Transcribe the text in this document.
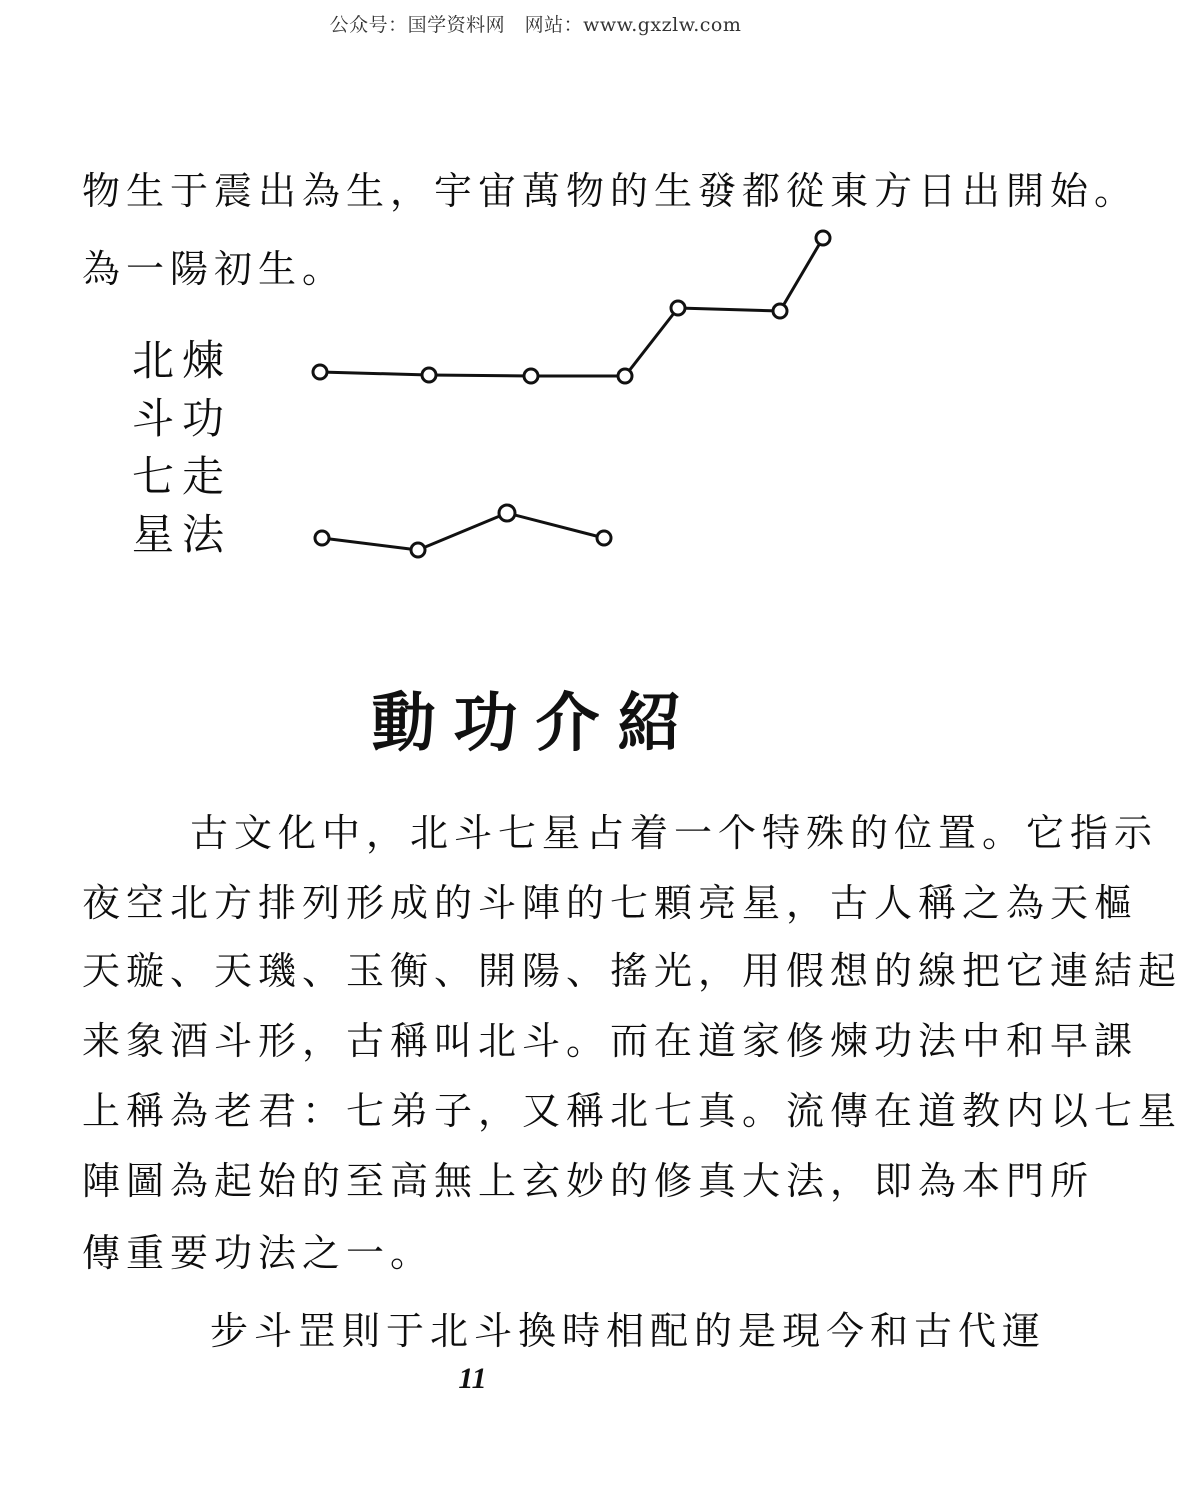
公众号：国学资料网　网站：www.gxzlw.com
物生于震出為生，宇宙萬物的生發都從東方日出開始。
為一陽初生。
北
斗
七
星
煉
功
走
法
動功介紹
古文化中，北斗七星占着一个特殊的位置。它指示
夜空北方排列形成的斗陣的七顆亮星，古人稱之為天樞
天璇、天璣、玉衡、開陽、搖光，用假想的線把它連結起
来象酒斗形，古稱叫北斗。而在道家修煉功法中和早課
上稱為老君：七弟子，又稱北七真。流傳在道教内以七星
陣圖為起始的至高無上玄妙的修真大法，即為本門所
傳重要功法之一。
步斗罡則于北斗換時相配的是現今和古代運
11
